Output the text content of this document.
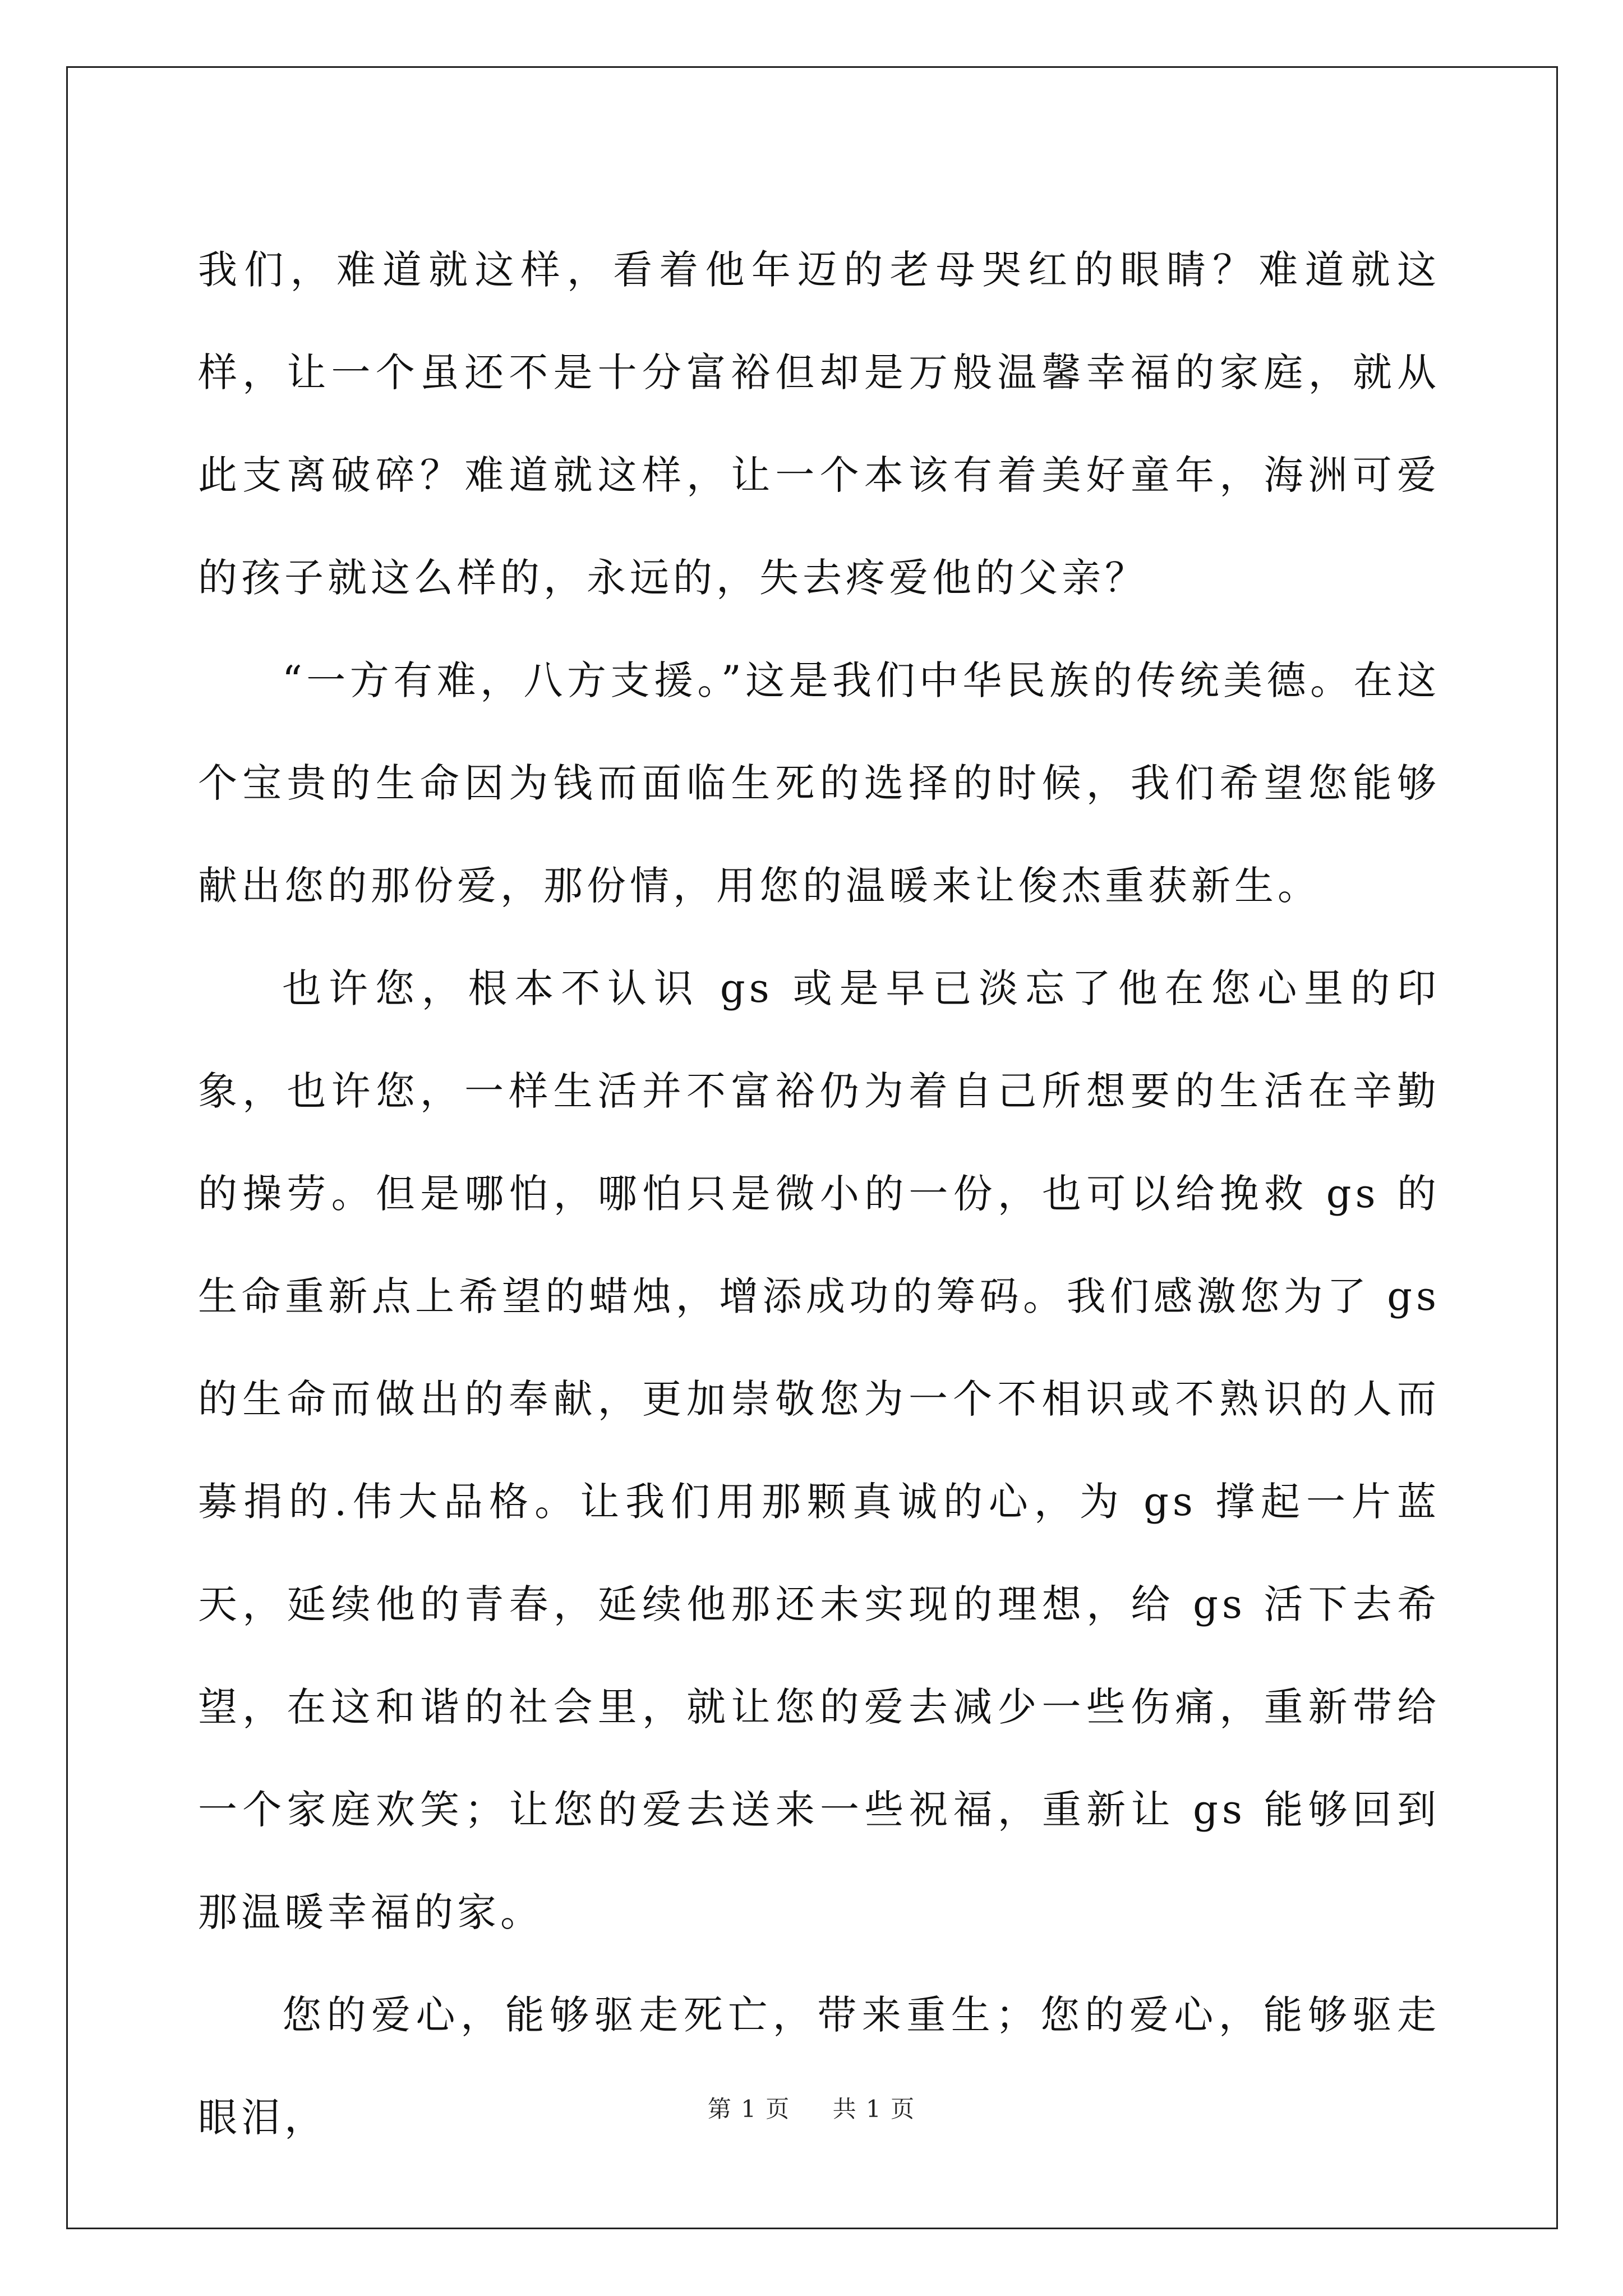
我们，难道就这样，看着他年迈的老母哭红的眼睛？难道就这样，让一个虽还不是十分富裕但却是万般温馨幸福的家庭，就从此支离破碎？难道就这样，让一个本该有着美好童年，海洲可爱的孩子就这么样的，永远的，失去疼爱他的父亲？

“一方有难，八方支援。”这是我们中华民族的传统美德。在这个宝贵的生命因为钱而面临生死的选择的时候，我们希望您能够献出您的那份爱，那份情，用您的温暖来让俊杰重获新生。

也许您，根本不认识 gs 或是早已淡忘了他在您心里的印象，也许您，一样生活并不富裕仍为着自己所想要的生活在辛勤的操劳。但是哪怕，哪怕只是微小的一份，也可以给挽救 gs 的生命重新点上希望的蜡烛，增添成功的筹码。我们感激您为了 gs 的生命而做出的奉献，更加崇敬您为一个不相识或不熟识的人而募捐的.伟大品格。让我们用那颗真诚的心，为 gs 撑起一片蓝天，延续他的青春，延续他那还未实现的理想，给 gs 活下去希望，在这和谐的社会里，就让您的爱去减少一些伤痛，重新带给一个家庭欢笑；让您的爱去送来一些祝福，重新让 gs 能够回到那温暖幸福的家。

您的爱心，能够驱走死亡，带来重生；您的爱心，能够驱走眼泪，	第 1 页 共 1 页
